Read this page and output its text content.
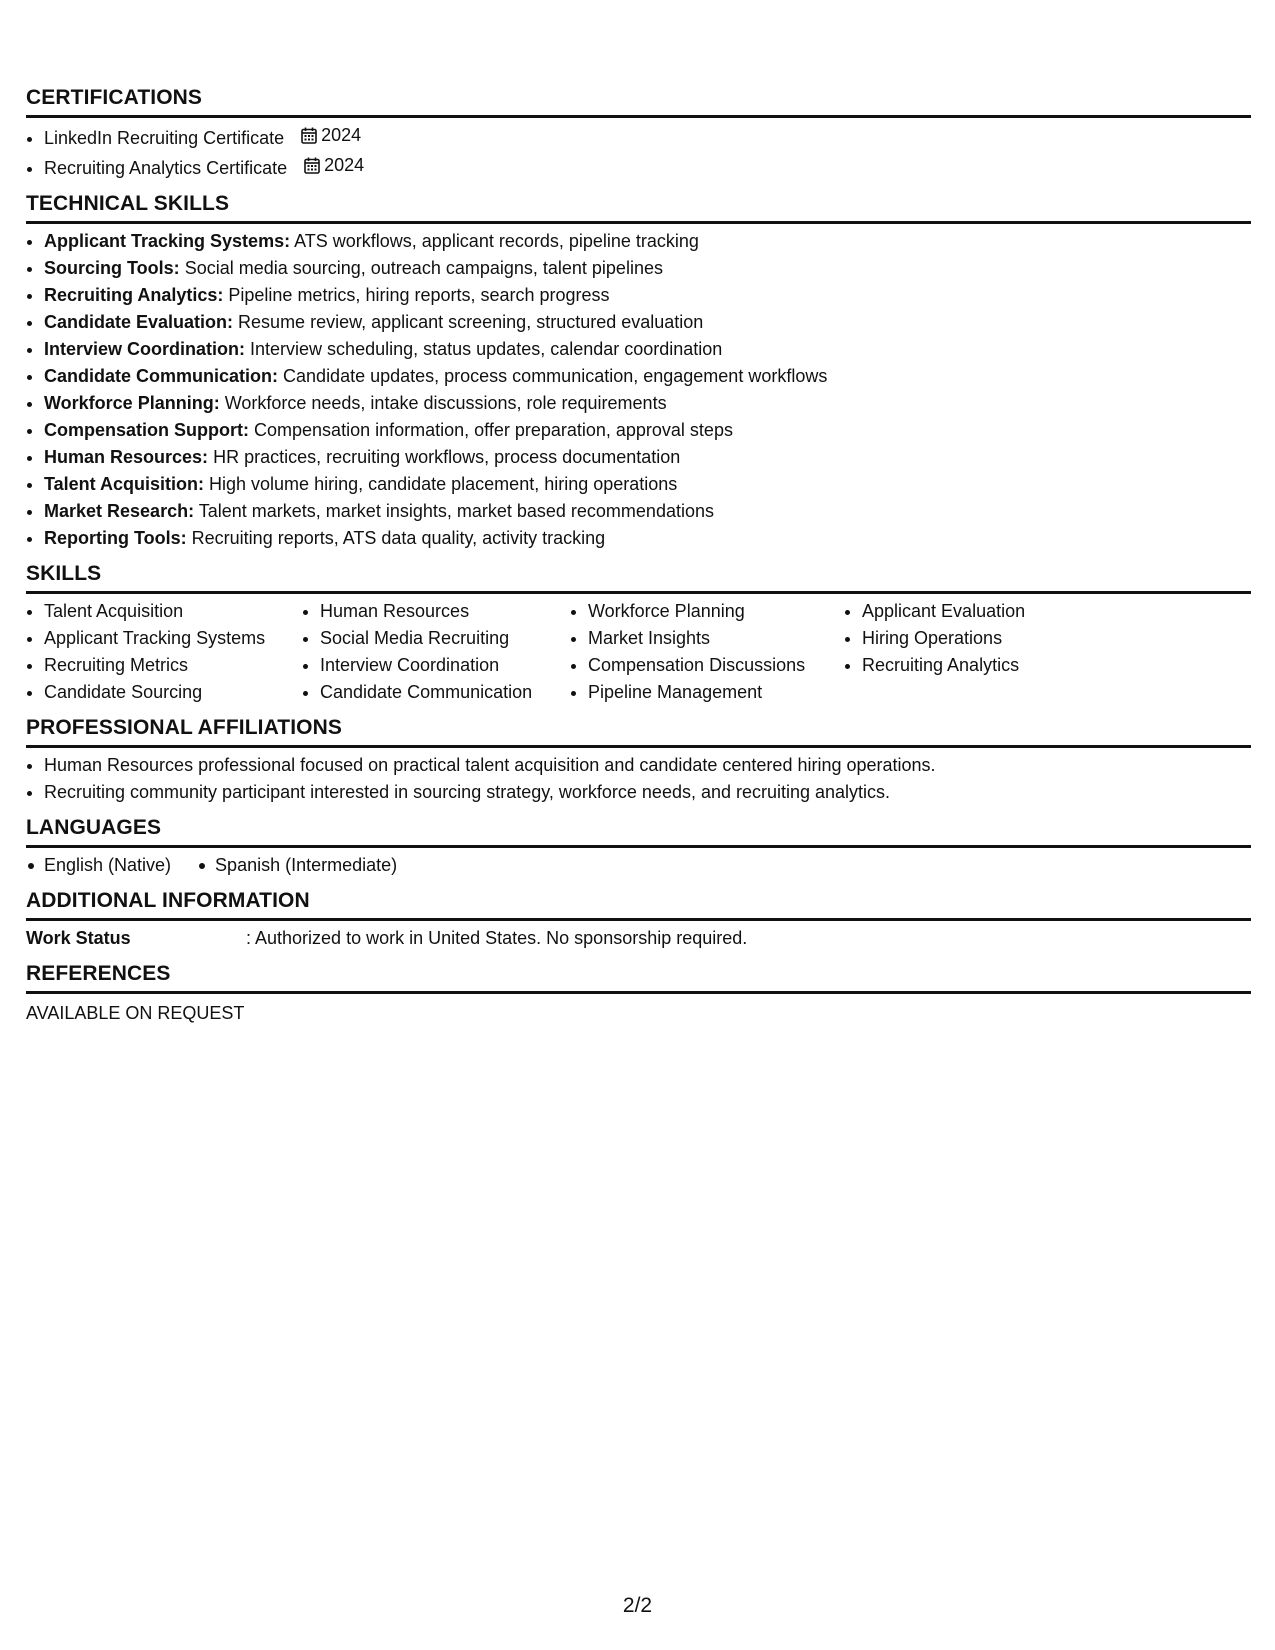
CERTIFICATIONS
• LinkedIn Recruiting Certificate 2024
• Recruiting Analytics Certificate 2024
TECHNICAL SKILLS
• Applicant Tracking Systems: ATS workflows, applicant records, pipeline tracking
• Sourcing Tools: Social media sourcing, outreach campaigns, talent pipelines
• Recruiting Analytics: Pipeline metrics, hiring reports, search progress
• Candidate Evaluation: Resume review, applicant screening, structured evaluation
• Interview Coordination: Interview scheduling, status updates, calendar coordination
• Candidate Communication: Candidate updates, process communication, engagement workflows
• Workforce Planning: Workforce needs, intake discussions, role requirements
• Compensation Support: Compensation information, offer preparation, approval steps
• Human Resources: HR practices, recruiting workflows, process documentation
• Talent Acquisition: High volume hiring, candidate placement, hiring operations
• Market Research: Talent markets, market insights, market based recommendations
• Reporting Tools: Recruiting reports, ATS data quality, activity tracking
SKILLS
• Talent Acquisition
• Applicant Tracking Systems
• Recruiting Metrics
• Candidate Sourcing
• Human Resources
• Social Media Recruiting
• Interview Coordination
• Candidate Communication
• Workforce Planning
• Market Insights
• Compensation Discussions
• Pipeline Management
• Applicant Evaluation
• Hiring Operations
• Recruiting Analytics
PROFESSIONAL AFFILIATIONS
• Human Resources professional focused on practical talent acquisition and candidate centered hiring operations.
• Recruiting community participant interested in sourcing strategy, workforce needs, and recruiting analytics.
LANGUAGES
English (Native)	Spanish (Intermediate)
ADDITIONAL INFORMATION
Work Status	: Authorized to work in United States. No sponsorship required.
REFERENCES
AVAILABLE ON REQUEST
2/2
